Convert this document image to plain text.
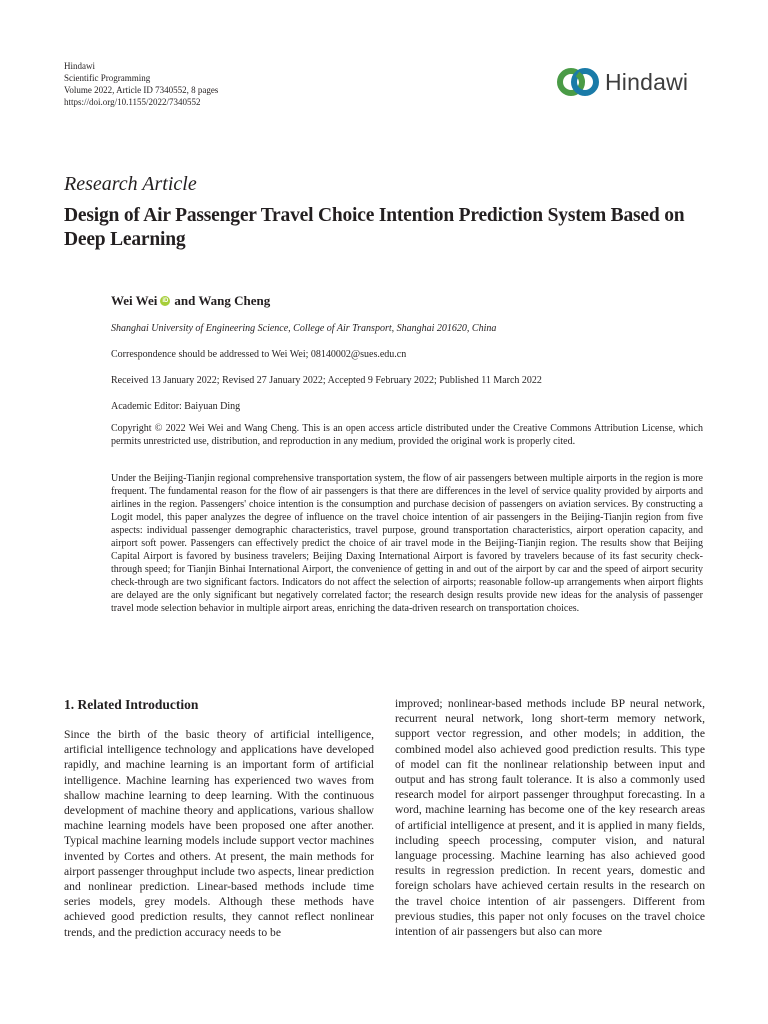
Hindawi
Scientific Programming
Volume 2022, Article ID 7340552, 8 pages
https://doi.org/10.1155/2022/7340552
Hindawi
Research Article
Design of Air Passenger Travel Choice Intention Prediction System Based on Deep Learning
Wei Wei iD and Wang Cheng
Shanghai University of Engineering Science, College of Air Transport, Shanghai 201620, China
Correspondence should be addressed to Wei Wei; 08140002@sues.edu.cn
Received 13 January 2022; Revised 27 January 2022; Accepted 9 February 2022; Published 11 March 2022
Academic Editor: Baiyuan Ding
Copyright © 2022 Wei Wei and Wang Cheng. This is an open access article distributed under the Creative Commons Attribution License, which permits unrestricted use, distribution, and reproduction in any medium, provided the original work is properly cited.
Under the Beijing-Tianjin regional comprehensive transportation system, the flow of air passengers between multiple airports in the region is more frequent. The fundamental reason for the flow of air passengers is that there are differences in the level of service quality provided by airports and airlines in the region. Passengers' choice intention is the consumption and purchase decision of passengers on aviation services. By constructing a Logit model, this paper analyzes the degree of influence on the travel choice intention of air passengers in the Beijing-Tianjin region from five aspects: individual passenger demographic characteristics, travel purpose, ground transportation characteristics, airport operation capacity, and airport soft power. Passengers can effectively predict the choice of air travel mode in the Beijing-Tianjin region. The results show that Beijing Capital Airport is favored by business travelers; Beijing Daxing International Airport is favored by travelers because of its fast security check-through speed; for Tianjin Binhai International Airport, the convenience of getting in and out of the airport by car and the speed of airport security check-through are two significant factors. Indicators do not affect the selection of airports; reasonable follow-up arrangements when airport flights are delayed are the only significant but negatively correlated factor; the research design results provide new ideas for the analysis of passenger travel mode selection behavior in multiple airport areas, enriching the data-driven research on transportation choices.
1. Related Introduction

Since the birth of the basic theory of artificial intelligence, artificial intelligence technology and applications have developed rapidly, and machine learning is an important form of artificial intelligence. Machine learning has experienced two waves from shallow machine learning to deep learning. With the continuous development of machine theory and applications, various shallow machine learning models have been proposed one after another. Typical machine learning models include support vector machines invented by Cortes and others. At present, the main methods for airport passenger throughput include two aspects, linear prediction and nonlinear prediction. Linear-based methods include time series models, grey models. Although these methods have achieved good prediction results, they cannot reflect nonlinear trends, and the prediction accuracy needs to be

improved; nonlinear-based methods include BP neural network, recurrent neural network, long short-term memory network, support vector regression, and other models; in addition, the combined model also achieved good prediction results. This type of model can fit the nonlinear relationship between input and output and has strong fault tolerance. It is also a commonly used research model for airport passenger throughput forecasting. In a word, machine learning has become one of the key research areas of artificial intelligence at present, and it is applied in many fields, including speech processing, computer vision, and natural language processing. Machine learning has also achieved good results in regression prediction. In recent years, domestic and foreign scholars have achieved certain results in the research on the travel choice intention of air passengers. Different from previous studies, this paper not only focuses on the travel choice intention of air passengers but also can more
